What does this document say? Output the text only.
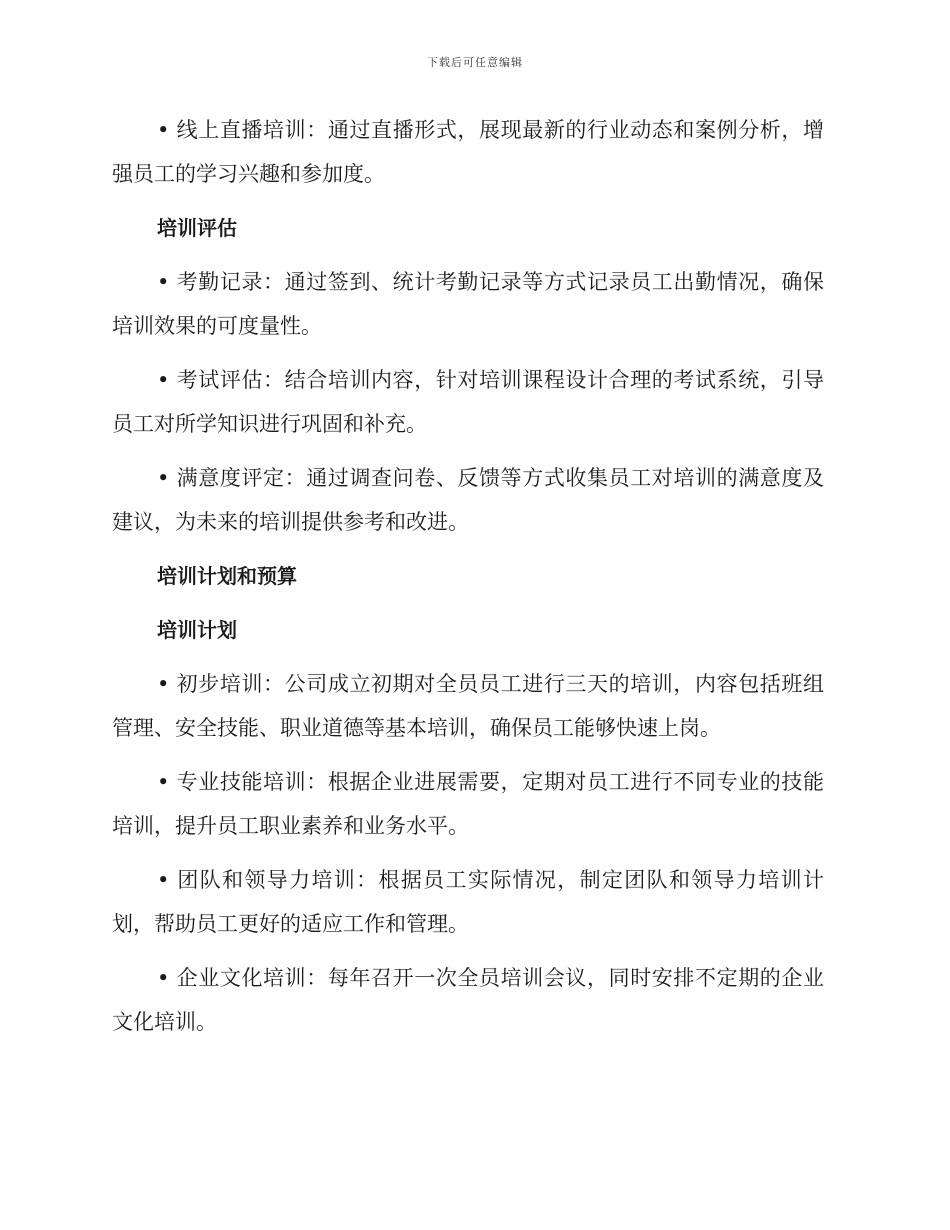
下载后可任意编辑

• 线上直播培训：通过直播形式，展现最新的行业动态和案例分析，增强员工的学习兴趣和参加度。

培训评估

• 考勤记录：通过签到、统计考勤记录等方式记录员工出勤情况，确保培训效果的可度量性。

• 考试评估：结合培训内容，针对培训课程设计合理的考试系统，引导员工对所学知识进行巩固和补充。

• 满意度评定：通过调查问卷、反馈等方式收集员工对培训的满意度及建议，为未来的培训提供参考和改进。

培训计划和预算
培训计划

• 初步培训：公司成立初期对全员员工进行三天的培训，内容包括班组管理、安全技能、职业道德等基本培训，确保员工能够快速上岗。

• 专业技能培训：根据企业进展需要，定期对员工进行不同专业的技能培训，提升员工职业素养和业务水平。

• 团队和领导力培训：根据员工实际情况，制定团队和领导力培训计划，帮助员工更好的适应工作和管理。

• 企业文化培训：每年召开一次全员培训会议，同时安排不定期的企业文化培训。
